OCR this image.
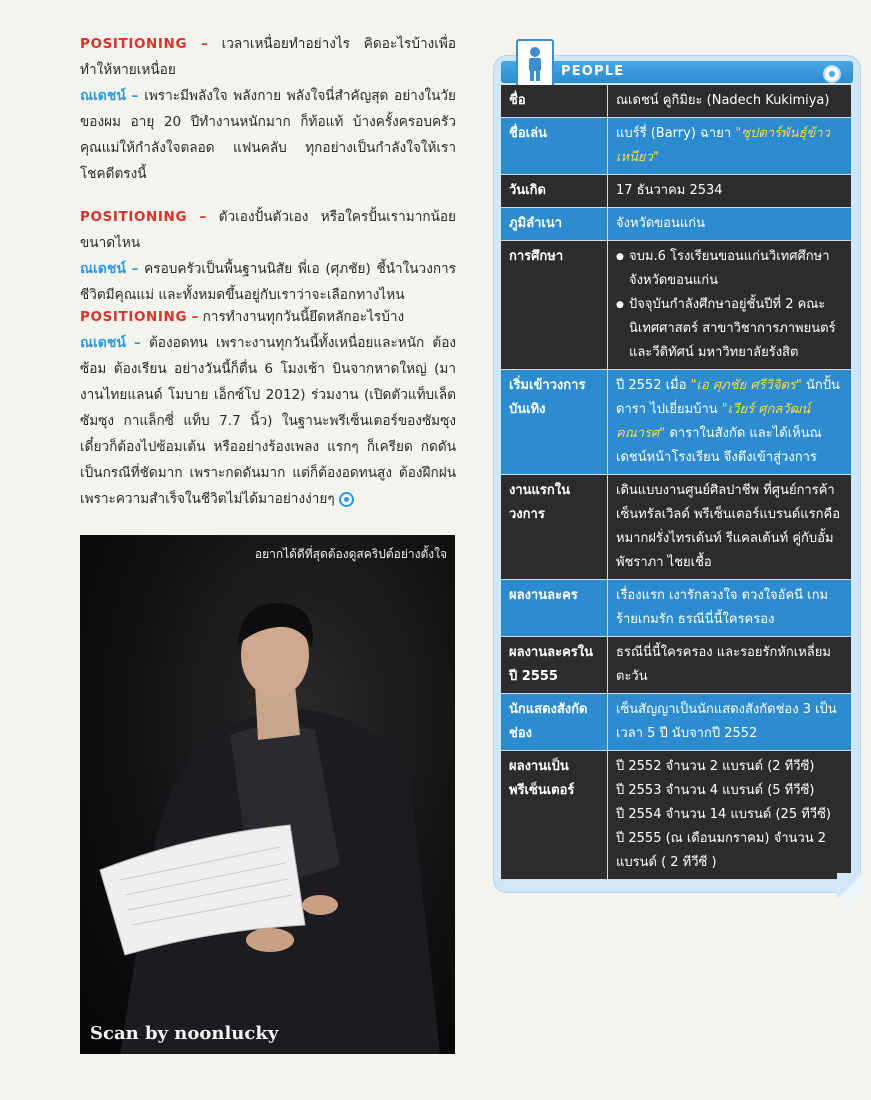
POSITIONING – เวลาเหนื่อยทำอย่างไร คิดอะไรบ้างเพื่อทำให้หายเหนื่อย

ณเดชน์ – เพราะมีพลังใจ พลังกาย พลังใจนี่สำคัญสุด อย่างในวัยของผม อายุ 20 ปีทำงานหนักมาก ก็ท้อแท้ บ้างครั้งครอบครัว คุณแม่ให้กำลังใจตลอด แฟนคลับ ทุกอย่างเป็นกำลังใจให้เรา โชคดีตรงนี้

POSITIONING – ตัวเองปั้นตัวเอง หรือใครปั้นเรามากน้อยขนาดไหน

ณเดชน์ – ครอบครัวเป็นพื้นฐานนิสัย พี่เอ (ศุภชัย) ชี้นำในวงการ ชีวิตมีคุณแม่ และทั้งหมดขึ้นอยู่กับเราว่าจะเลือกทางไหน

POSITIONING – การทำงานทุกวันนี้ยึดหลักอะไรบ้าง

ณเดชน์ – ต้องอดทน เพราะงานทุกวันนี้ทั้งเหนื่อยและหนัก ต้องซ้อม ต้องเรียน อย่างวันนี้ก็ตื่น 6 โมงเช้า บินจากหาดใหญ่ (มางานไทยแลนด์ โมบาย เอ็กซ์โป 2012) ร่วมงาน (เปิดตัวแท็บเล็ตซัมซุง กาแล็กซี่ แท็บ 7.7 นิ้ว) ในฐานะพรีเซ็นเตอร์ของซัมซุง เดี๋ยวก็ต้องไปซ้อมเต้น หรืออย่างร้องเพลง แรกๆ ก็เครียด กดดัน เป็นกรณีที่ชัดมาก เพราะกดดันมาก แต่ก็ต้องอดทนสูง ต้องฝึกฝน เพราะความสำเร็จในชีวิตไม่ได้มาอย่างง่ายๆ

อยากได้ดีที่สุดต้องดูสคริปต์อย่างตั้งใจ
Scan by noonlucky
PEOPLE
ชื่อ	ณเดชน์ คูกิมิยะ (Nadech Kukimiya)
ชื่อเล่น	แบร์รี่ (Barry) ฉายา "ซุปตาร์พันธุ์ข้าวเหนียว"
วันเกิด	17 ธันวาคม 2534
ภูมิลำเนา	จังหวัดขอนแก่น
การศึกษา	● จบม.6 โรงเรียนขอนแก่นวิเทศศึกษา จังหวัดขอนแก่น
● ปัจจุบันกำลังศึกษาอยู่ชั้นปีที่ 2 คณะนิเทศศาสตร์ สาขาวิชาการภาพยนตร์และวีดิทัศน์ มหาวิทยาลัยรังสิต

เริ่มเข้าวงการบันเทิง	ปี 2552 เมื่อ "เอ ศุภชัย ศรีวิจิตร" นักปั้นดารา ไปเยี่ยมบ้าน "เวียร์ ศุกลวัฒน์ คณารศ" ดาราในสังกัด และได้เห็นณเดชน์หน้าโรงเรียน จึงดึงเข้าสู่วงการ
งานแรกในวงการ	เดินแบบงานศูนย์ศิลปาชีพ ที่ศูนย์การค้าเซ็นทรัลเวิลด์ พรีเซ็นเตอร์แบรนด์แรกคือหมากฝรั่งไทรเด้นท์ รีแคลเด้นท์ คู่กับอั้ม พัชราภา ไชยเชื้อ
ผลงานละคร	เรื่องแรก เงารักลวงใจ ดวงใจอัคนี เกมร้ายเกมรัก ธรณีนี่นี้ใครครอง
ผลงานละครในปี 2555	ธรณีนี่นี้ใครครอง และรอยรักหักเหลี่ยมตะวัน
นักแสดงสังกัดช่อง	เซ็นสัญญาเป็นนักแสดงสังกัดช่อง 3 เป็นเวลา 5 ปี นับจากปี 2552
ผลงานเป็นพรีเซ็นเตอร์	ปี 2552 จำนวน 2 แบรนด์ (2 ทีวีซี)
ปี 2553 จำนวน 4 แบรนด์ (5 ทีวีซี)
ปี 2554 จำนวน 14 แบรนด์ (25 ทีวีซี)
ปี 2555 (ณ เดือนมกราคม) จำนวน 2 แบรนด์ ( 2 ทีวีซี )
